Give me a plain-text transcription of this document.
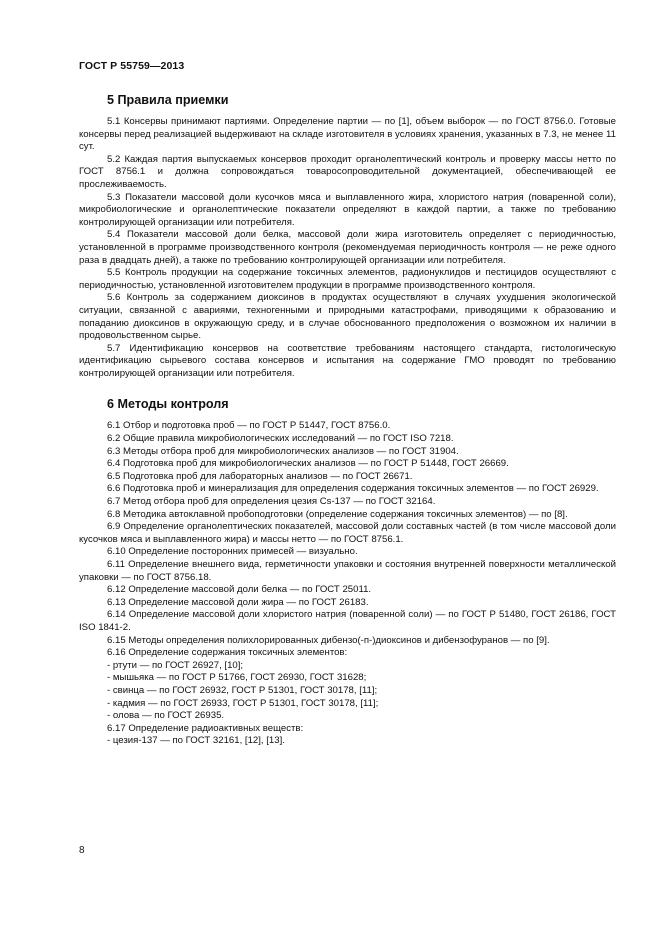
ГОСТ Р 55759—2013
5 Правила приемки

5.1 Консервы принимают партиями. Определение партии — по [1], объем выборок — по ГОСТ 8756.0. Готовые консервы перед реализацией выдерживают на складе изготовителя в условиях хранения, указанных в 7.3, не менее 11 сут.

5.2 Каждая партия выпускаемых консервов проходит органолептический контроль и проверку массы нетто по ГОСТ 8756.1 и должна сопровождаться товаросопроводительной документацией, обеспечивающей ее прослеживаемость.

5.3 Показатели массовой доли кусочков мяса и выплавленного жира, хлористого натрия (поваренной соли), микробиологические и органолептические показатели определяют в каждой партии, а также по требованию контролирующей организации или потребителя.

5.4 Показатели массовой доли белка, массовой доли жира изготовитель определяет с периодичностью, установленной в программе производственного контроля (рекомендуемая периодичность контроля — не реже одного раза в двадцать дней), а также по требованию контролирующей организации или потребителя.

5.5 Контроль продукции на содержание токсичных элементов, радионуклидов и пестицидов осуществляют с периодичностью, установленной изготовителем продукции в программе производственного контроля.

5.6 Контроль за содержанием диоксинов в продуктах осуществляют в случаях ухудшения экологической ситуации, связанной с авариями, техногенными и природными катастрофами, приводящими к образованию и попаданию диоксинов в окружающую среду, и в случае обоснованного предположения о возможном их наличии в продовольственном сырье.

5.7 Идентификацию консервов на соответствие требованиям настоящего стандарта, гистологическую идентификацию сырьевого состава консервов и испытания на содержание ГМО проводят по требованию контролирующей организации или потребителя.

6 Методы контроля

6.1 Отбор и подготовка проб — по ГОСТ Р 51447, ГОСТ 8756.0.

6.2 Общие правила микробиологических исследований — по ГОСТ ISO 7218.

6.3 Методы отбора проб для микробиологических анализов — по ГОСТ 31904.

6.4 Подготовка проб для микробиологических анализов — по ГОСТ Р 51448, ГОСТ 26669.

6.5 Подготовка проб для лабораторных анализов — по ГОСТ 26671.

6.6 Подготовка проб и минерализация для определения содержания токсичных элементов — по ГОСТ 26929.

6.7 Метод отбора проб для определения цезия Cs-137 — по ГОСТ 32164.

6.8 Методика автоклавной пробоподготовки (определение содержания токсичных элементов) — по [8].

6.9 Определение органолептических показателей, массовой доли составных частей (в том числе массовой доли кусочков мяса и выплавленного жира) и массы нетто — по ГОСТ 8756.1.

6.10 Определение посторонних примесей — визуально.

6.11 Определение внешнего вида, герметичности упаковки и состояния внутренней поверхности металлической упаковки — по ГОСТ 8756.18.

6.12 Определение массовой доли белка — по ГОСТ 25011.

6.13 Определение массовой доли жира — по ГОСТ 26183.

6.14 Определение массовой доли хлористого натрия (поваренной соли) — по ГОСТ Р 51480, ГОСТ 26186, ГОСТ ISO 1841-2.

6.15 Методы определения полихлорированных дибензо(-п-)диоксинов и дибензофуранов — по [9].

6.16 Определение содержания токсичных элементов:

- ртути — по ГОСТ 26927, [10];
- мышьяка — по ГОСТ Р 51766, ГОСТ 26930, ГОСТ 31628;
- свинца — по ГОСТ 26932, ГОСТ Р 51301, ГОСТ 30178, [11];
- кадмия — по ГОСТ 26933, ГОСТ Р 51301, ГОСТ 30178, [11];
- олова — по ГОСТ 26935.

6.17 Определение радиоактивных веществ:

- цезия-137 — по ГОСТ 32161, [12], [13].
8
